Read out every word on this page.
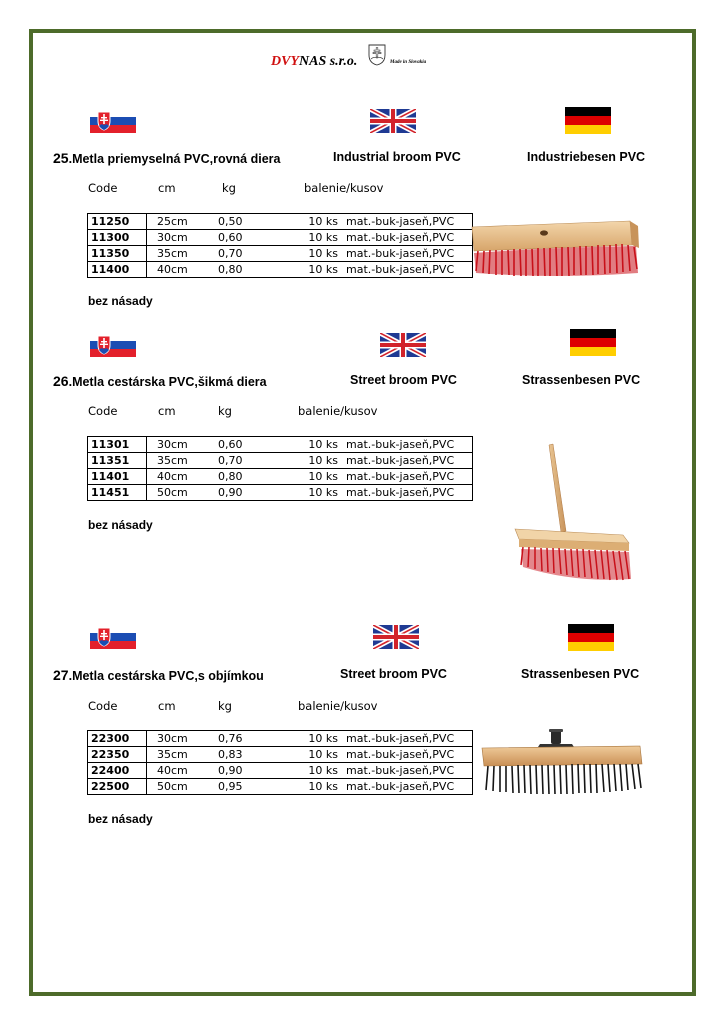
DVYNAS s.r.o.	Made in Slovakia
25.Metla priemyselná PVC,rovná diera	Industrial broom PVC	Industriebesen PVC
Code	cm	kg	balenie/kusov
11250	25cm	0,50	10 ks	mat.-buk-jaseň,PVC
11300	30cm	0,60	10 ks	mat.-buk-jaseň,PVC
11350	35cm	0,70	10 ks	mat.-buk-jaseň,PVC
11400	40cm	0,80	10 ks	mat.-buk-jaseň,PVC
bez násady
26.Metla cestárska PVC,šikmá diera	Street broom PVC	Strassenbesen PVC
Code	cm	kg	balenie/kusov
11301	30cm	0,60	10 ks	mat.-buk-jaseň,PVC
11351	35cm	0,70	10 ks	mat.-buk-jaseň,PVC
11401	40cm	0,80	10 ks	mat.-buk-jaseň,PVC
11451	50cm	0,90	10 ks	mat.-buk-jaseň,PVC
bez násady
27.Metla cestárska PVC,s objímkou	Street broom PVC	Strassenbesen PVC
Code	cm	kg	balenie/kusov
22300	30cm	0,76	10 ks	mat.-buk-jaseň,PVC
22350	35cm	0,83	10 ks	mat.-buk-jaseň,PVC
22400	40cm	0,90	10 ks	mat.-buk-jaseň,PVC
22500	50cm	0,95	10 ks	mat.-buk-jaseň,PVC
bez násady
